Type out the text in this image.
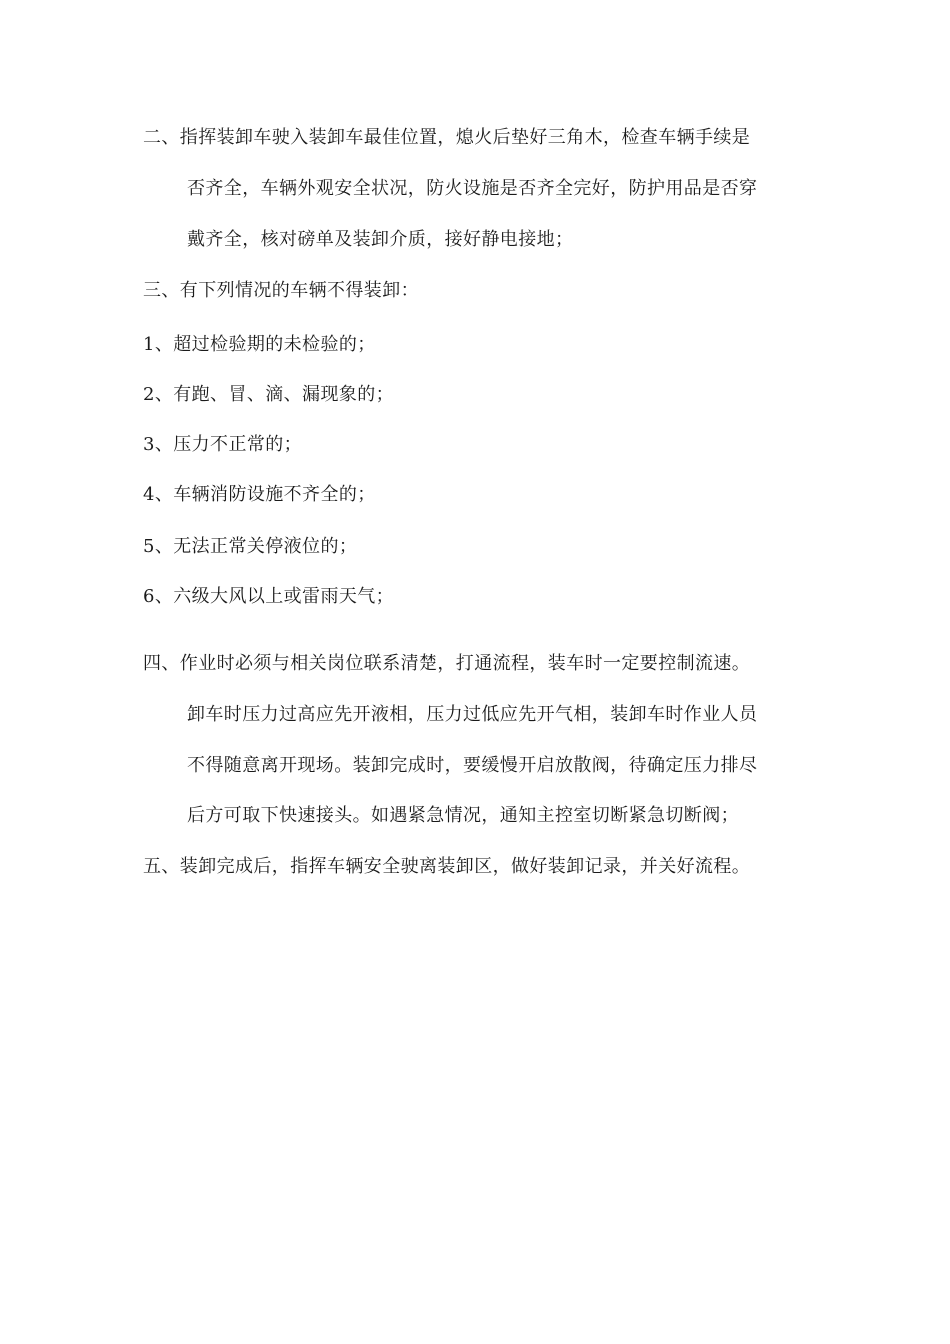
二、指挥装卸车驶入装卸车最佳位置，熄火后垫好三角木，检查车辆手续是
否齐全，车辆外观安全状况，防火设施是否齐全完好，防护用品是否穿
戴齐全，核对磅单及装卸介质，接好静电接地；
三、有下列情况的车辆不得装卸：
1、超过检验期的未检验的；
2、有跑、冒、滴、漏现象的；
3、压力不正常的；
4、车辆消防设施不齐全的；
5、无法正常关停液位的；
6、六级大风以上或雷雨天气；
四、作业时必须与相关岗位联系清楚，打通流程，装车时一定要控制流速。
卸车时压力过高应先开液相，压力过低应先开气相，装卸车时作业人员
不得随意离开现场。装卸完成时，要缓慢开启放散阀，待确定压力排尽
后方可取下快速接头。如遇紧急情况，通知主控室切断紧急切断阀；
五、装卸完成后，指挥车辆安全驶离装卸区，做好装卸记录，并关好流程。
